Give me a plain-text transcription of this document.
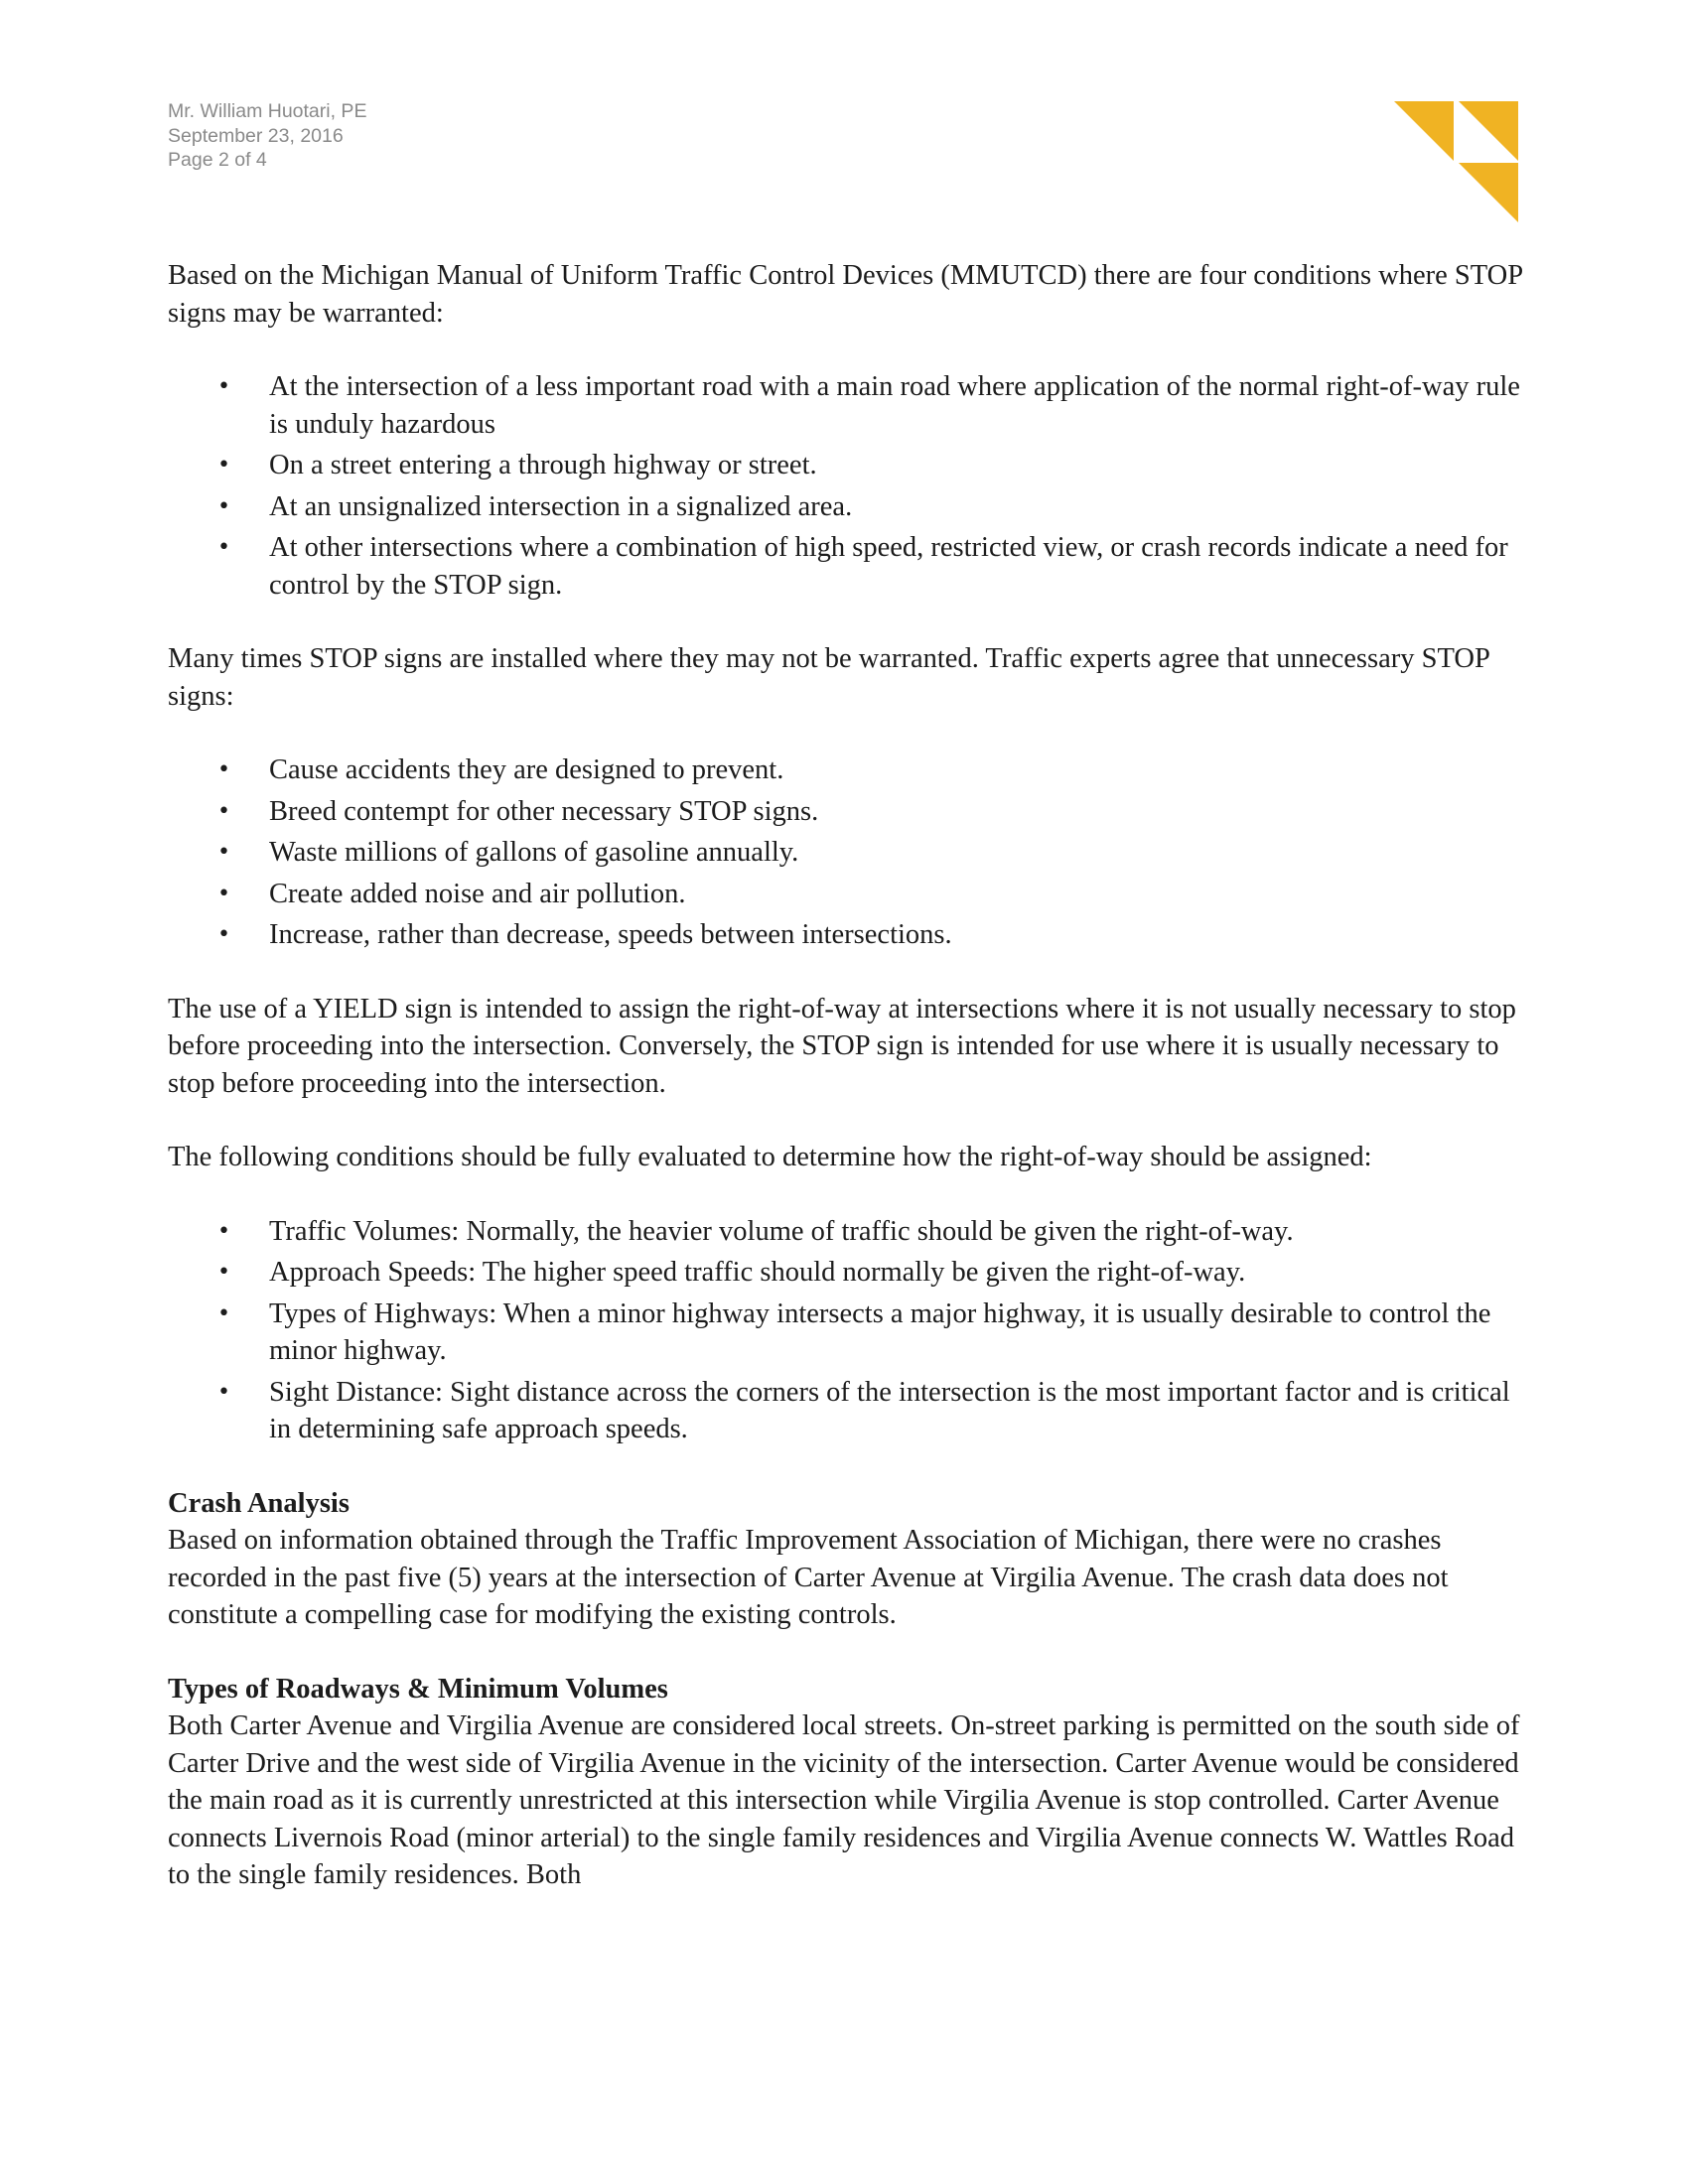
Mr. William Huotari, PE
September 23, 2016
Page 2 of 4

Based on the Michigan Manual of Uniform Traffic Control Devices (MMUTCD) there are four conditions where STOP signs may be warranted:

• At the intersection of a less important road with a main road where application of the normal right-of-way rule is unduly hazardous
• On a street entering a through highway or street.
• At an unsignalized intersection in a signalized area.
• At other intersections where a combination of high speed, restricted view, or crash records indicate a need for control by the STOP sign.

Many times STOP signs are installed where they may not be warranted. Traffic experts agree that unnecessary STOP signs:

• Cause accidents they are designed to prevent.
• Breed contempt for other necessary STOP signs.
• Waste millions of gallons of gasoline annually.
• Create added noise and air pollution.
• Increase, rather than decrease, speeds between intersections.

The use of a YIELD sign is intended to assign the right-of-way at intersections where it is not usually necessary to stop before proceeding into the intersection. Conversely, the STOP sign is intended for use where it is usually necessary to stop before proceeding into the intersection.

The following conditions should be fully evaluated to determine how the right-of-way should be assigned:

• Traffic Volumes: Normally, the heavier volume of traffic should be given the right-of-way.
• Approach Speeds: The higher speed traffic should normally be given the right-of-way.
• Types of Highways: When a minor highway intersects a major highway, it is usually desirable to control the minor highway.
• Sight Distance: Sight distance across the corners of the intersection is the most important factor and is critical in determining safe approach speeds.
Crash Analysis
Based on information obtained through the Traffic Improvement Association of Michigan, there were no crashes recorded in the past five (5) years at the intersection of Carter Avenue at Virgilia Avenue. The crash data does not constitute a compelling case for modifying the existing controls.
Types of Roadways & Minimum Volumes
Both Carter Avenue and Virgilia Avenue are considered local streets. On-street parking is permitted on the south side of Carter Drive and the west side of Virgilia Avenue in the vicinity of the intersection. Carter Avenue would be considered the main road as it is currently unrestricted at this intersection while Virgilia Avenue is stop controlled. Carter Avenue connects Livernois Road (minor arterial) to the single family residences and Virgilia Avenue connects W. Wattles Road to the single family residences. Both
